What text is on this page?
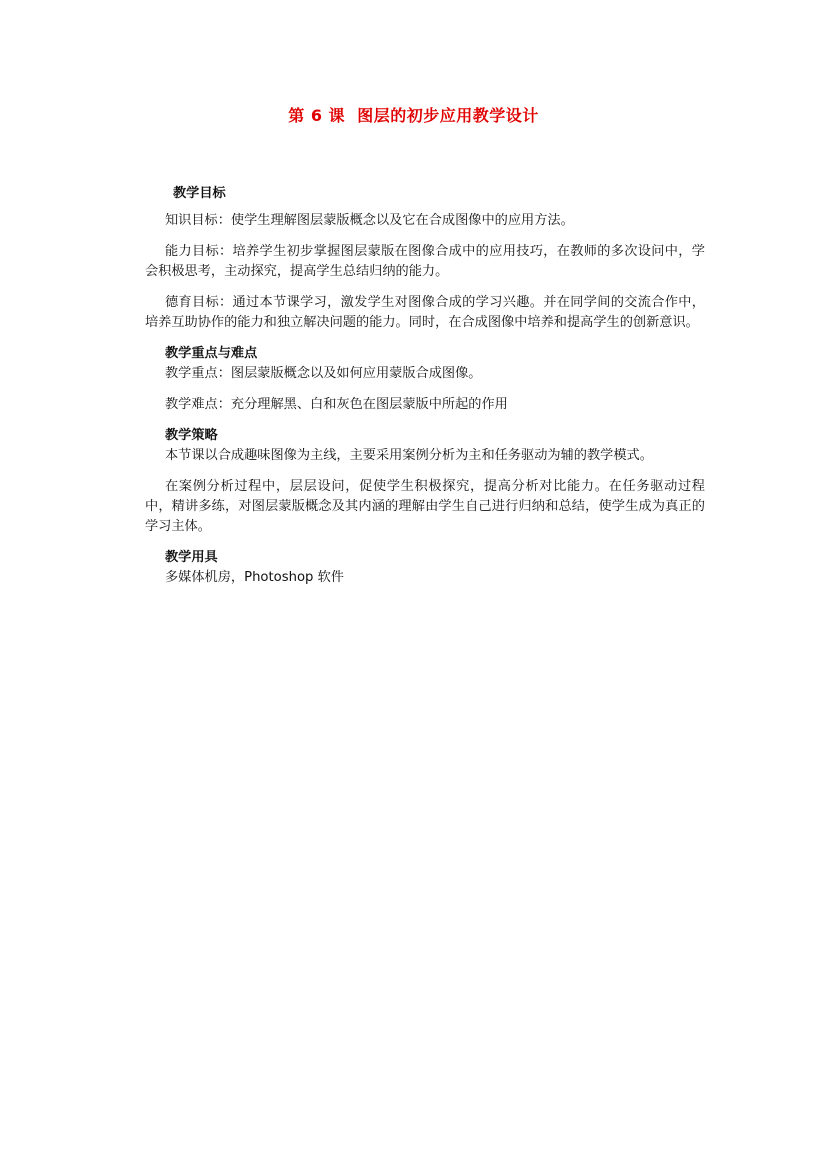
第 6 课  图层的初步应用教学设计

教学目标

知识目标：使学生理解图层蒙版概念以及它在合成图像中的应用方法。

能力目标：培养学生初步掌握图层蒙版在图像合成中的应用技巧，在教师的多次设问中，学会积极思考，主动探究，提高学生总结归纳的能力。

德育目标：通过本节课学习，激发学生对图像合成的学习兴趣。并在同学间的交流合作中，培养互助协作的能力和独立解决问题的能力。同时，在合成图像中培养和提高学生的创新意识。

教学重点与难点

教学重点：图层蒙版概念以及如何应用蒙版合成图像。

教学难点：充分理解黑、白和灰色在图层蒙版中所起的作用

教学策略

本节课以合成趣味图像为主线，主要采用案例分析为主和任务驱动为辅的教学模式。

在案例分析过程中，层层设问，促使学生积极探究，提高分析对比能力。在任务驱动过程中，精讲多练，对图层蒙版概念及其内涵的理解由学生自己进行归纳和总结，使学生成为真正的学习主体。

教学用具

多媒体机房，Photoshop 软件
